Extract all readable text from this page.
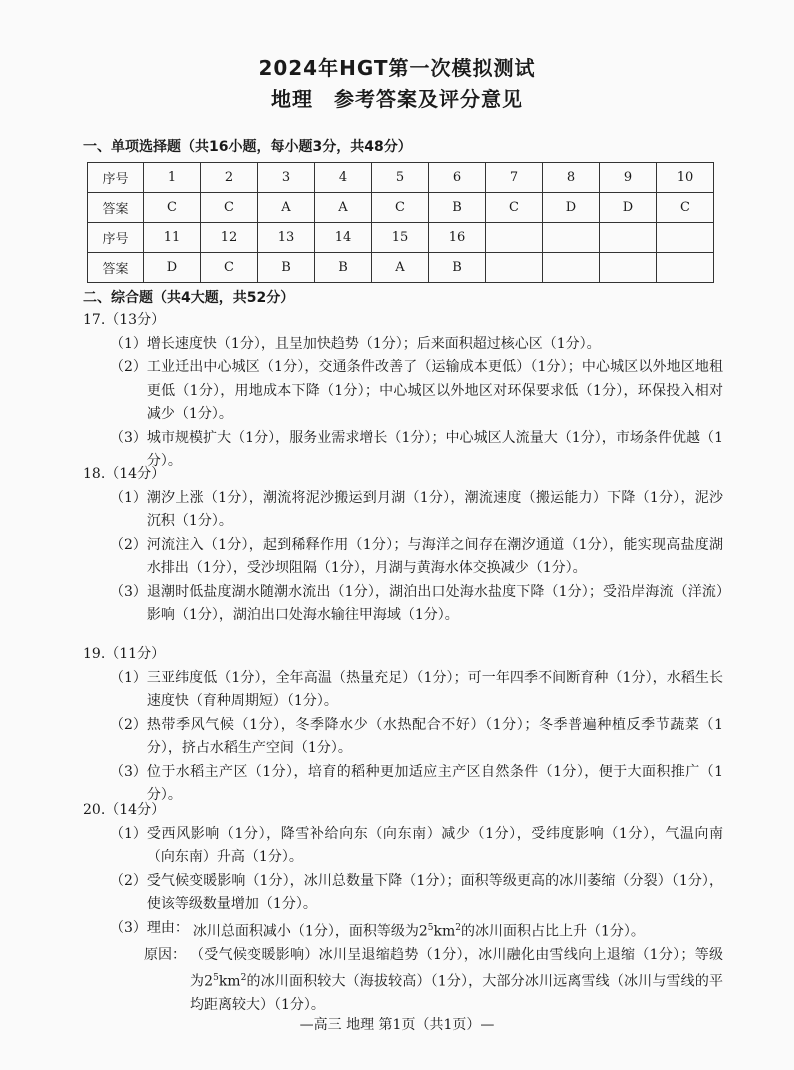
2024年HGT第一次模拟测试
地理　参考答案及评分意见
一、单项选择题（共16小题，每小题3分，共48分）
序号	1	2	3	4	5	6	7	8	9	10
答案	C	C	A	A	C	B	C	D	D	C
序号	11	12	13	14	15	16				
答案	D	C	B	B	A	B				
二、综合题（共4大题，共52分）
17.（13分）
（1） 增长速度快（1分），且呈加快趋势（1分）；后来面积超过核心区（1分）。
（2） 工业迁出中心城区（1分），交通条件改善了（运输成本更低）（1分）；中心城区以外地区地租更低（1分），用地成本下降（1分）；中心城区以外地区对环保要求低（1分），环保投入相对减少（1分）。
（3） 城市规模扩大（1分），服务业需求增长（1分）；中心城区人流量大（1分），市场条件优越（1分）。
18.（14分）
（1） 潮汐上涨（1分），潮流将泥沙搬运到月湖（1分），潮流速度（搬运能力）下降（1分），泥沙沉积（1分）。
（2） 河流注入（1分），起到稀释作用（1分）；与海洋之间存在潮汐通道（1分），能实现高盐度湖水排出（1分），受沙坝阻隔（1分），月湖与黄海水体交换减少（1分）。
（3） 退潮时低盐度湖水随潮水流出（1分），湖泊出口处海水盐度下降（1分）；受沿岸海流（洋流）影响（1分），湖泊出口处海水输往甲海域（1分）。
19.（11分）
（1） 三亚纬度低（1分），全年高温（热量充足）（1分）；可一年四季不间断育种（1分），水稻生长速度快（育种周期短）（1分）。
（2） 热带季风气候（1分），冬季降水少（水热配合不好）（1分）；冬季普遍种植反季节蔬菜（1分），挤占水稻生产空间（1分）。
（3） 位于水稻主产区（1分），培育的稻种更加适应主产区自然条件（1分），便于大面积推广（1分）。
20.（14分）
（1） 受西风影响（1分），降雪补给向东（向东南）减少（1分），受纬度影响（1分），气温向南（向东南）升高（1分）。
（2） 受气候变暖影响（1分），冰川总数量下降（1分）；面积等级更高的冰川萎缩（分裂）（1分），使该等级数量增加（1分）。
（3） 理由： 冰川总面积减小（1分），面积等级为$2^5km^2$的冰川面积占比上升（1分）。
原因： （受气候变暖影响）冰川呈退缩趋势（1分），冰川融化由雪线向上退缩（1分）；等级为$2^5km^2$的冰川面积较大（海拔较高）（1分），大部分冰川远离雪线（冰川与雪线的平均距离较大）（1分）。
—高三 地理 第1页（共1页）—
